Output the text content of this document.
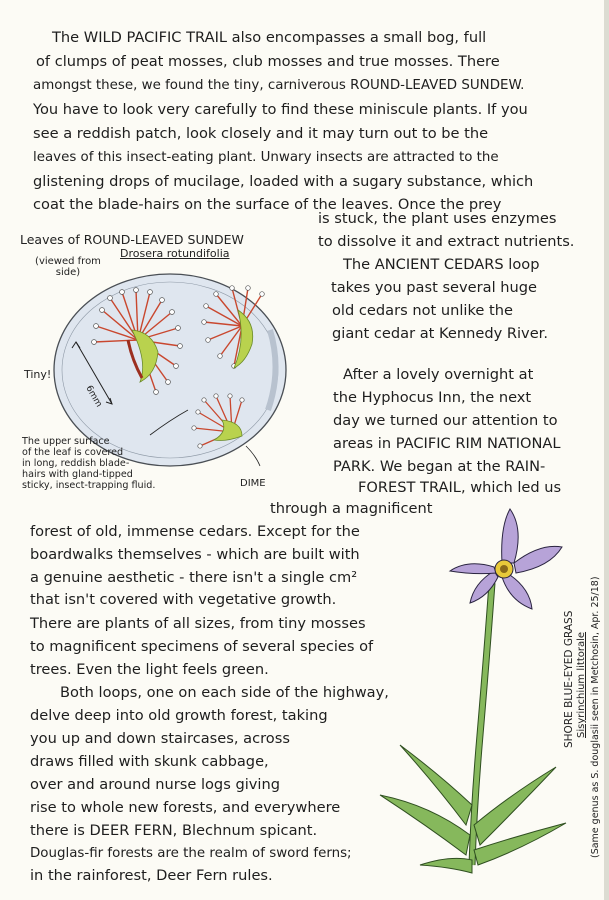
The WILD PACIFIC TRAIL also encompasses a small bog, full
of clumps of peat mosses, club mosses and true mosses. There
amongst these, we found the tiny, carniverous ROUND-LEAVED SUNDEW.
You have to look very carefully to find these miniscule plants. If you
see a reddish patch, look closely and it may turn out to be the
leaves of this insect-eating plant. Unwary insects are attracted to the
glistening drops of mucilage, loaded with a sugary substance, which
coat the blade-hairs on the surface of the leaves. Once the prey
is stuck, the plant uses enzymes
to dissolve it and extract nutrients.
The ANCIENT CEDARS loop
takes you past several huge
old cedars not unlike the
giant cedar at Kennedy River.
After a lovely overnight at
the Hyphocus Inn, the next
day we turned our attention to
areas in PACIFIC RIM NATIONAL
PARK. We began at the RAIN-
FOREST TRAIL, which led us
through a magnificent
forest of old, immense cedars. Except for the
boardwalks themselves - which are built with
a genuine aesthetic - there isn't a single cm²
that isn't covered with vegetative growth.
There are plants of all sizes, from tiny mosses
to magnificent specimens of several species of
trees. Even the light feels green.
Both loops, one on each side of the highway,
delve deep into old growth forest, taking
you up and down staircases, across
draws filled with skunk cabbage,
over and around nurse logs giving
rise to whole new forests, and everywhere
there is DEER FERN, Blechnum spicant.
Douglas-fir forests are the realm of sword ferns;
in the rainforest, Deer Fern rules.
Leaves of ROUND-LEAVED SUNDEW
Drosera rotundifolia
(viewed from side)
Tiny!
6mm
DIME
The upper surface
of the leaf is covered
in long, reddish blade-
hairs with gland-tipped
sticky, insect-trapping fluid.
SHORE BLUE-EYED GRASS Sisyrinchium littorale (Same genus as S. douglasii seen in Metchosin, Apr. 25/18)
